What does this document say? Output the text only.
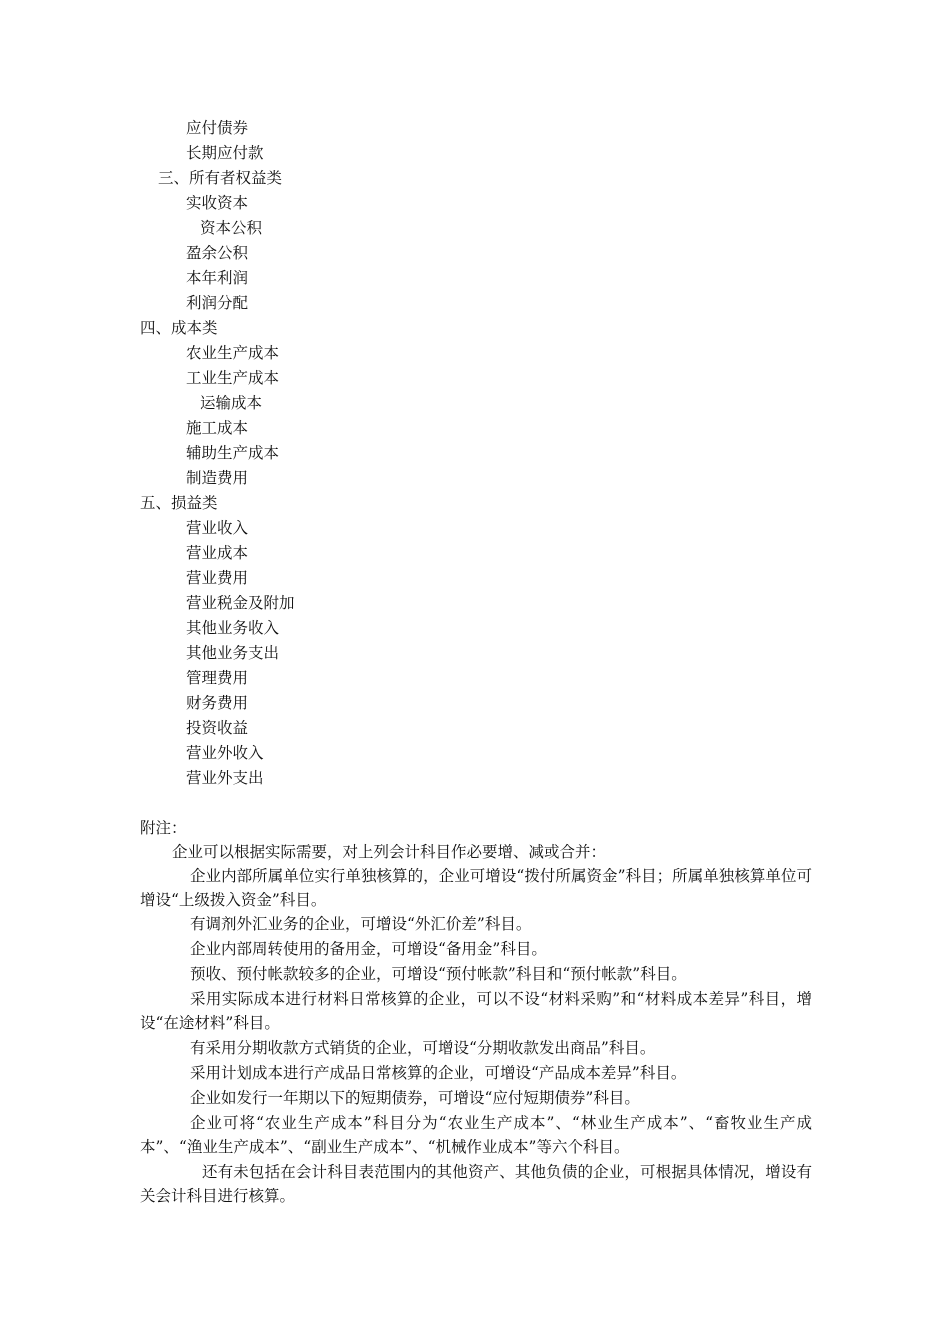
应付债券
长期应付款
三、所有者权益类
实收资本
资本公积
盈余公积
本年利润
利润分配
四、成本类
农业生产成本
工业生产成本
运输成本
施工成本
辅助生产成本
制造费用
五、损益类
营业收入
营业成本
营业费用
营业税金及附加
其他业务收入
其他业务支出
管理费用
财务费用
投资收益
营业外收入
营业外支出
附注：
企业可以根据实际需要，对上列会计科目作必要增、减或合并：
企业内部所属单位实行单独核算的，企业可增设“拨付所属资金”科目；所属单独核算单位可增设“上级拨入资金”科目。
有调剂外汇业务的企业，可增设“外汇价差”科目。
企业内部周转使用的备用金，可增设“备用金”科目。
预收、预付帐款较多的企业，可增设“预付帐款”科目和“预付帐款”科目。
采用实际成本进行材料日常核算的企业，可以不设“材料采购”和“材料成本差异”科目，增设“在途材料”科目。
有采用分期收款方式销货的企业，可增设“分期收款发出商品”科目。
采用计划成本进行产成品日常核算的企业，可增设“产品成本差异”科目。
企业如发行一年期以下的短期债券，可增设“应付短期债券”科目。
企业可将“农业生产成本”科目分为“农业生产成本”、“林业生产成本”、“畜牧业生产成本”、“渔业生产成本”、“副业生产成本”、“机械作业成本”等六个科目。
还有未包括在会计科目表范围内的其他资产、其他负债的企业，可根据具体情况，增设有关会计科目进行核算。
